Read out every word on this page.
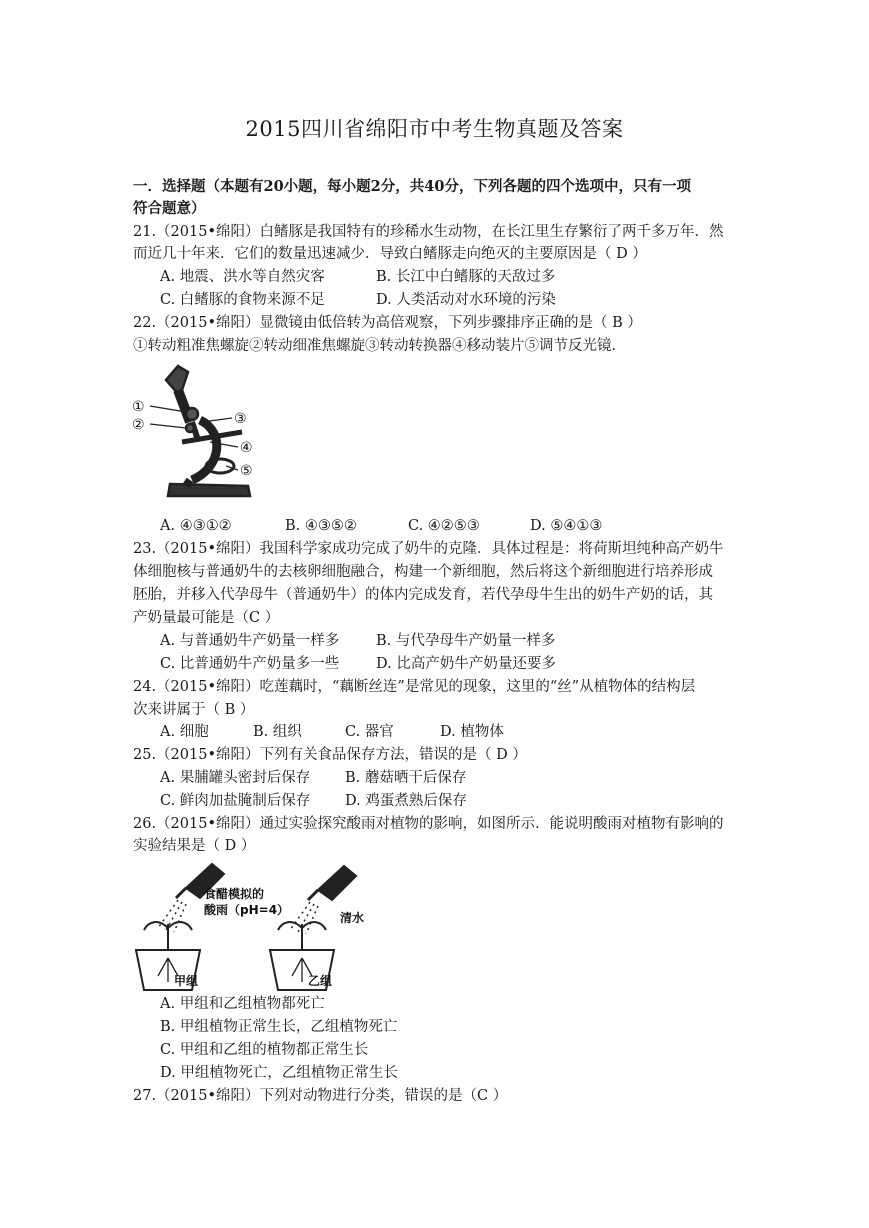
2015四川省绵阳市中考生物真题及答案
一．选择题（本题有20小题，每小题2分，共40分，下列各题的四个选项中，只有一项
符合题意）
21.（2015•绵阳）白鳍豚是我国特有的珍稀水生动物，在长江里生存繁衍了两千多万年．然
而近几十年来．它们的数量迅速减少．导致白鳍豚走向绝灭的主要原因是（ D ）
A. 地震、洪水等自然灾客	B. 长江中白鳍豚的天敌过多
C. 白鳍豚的食物来源不足	D. 人类活动对水环境的污染
22.（2015•绵阳）显微镜由低倍转为高倍观察，下列步骤排序正确的是（ B ）
①转动粗准焦螺旋②转动细准焦螺旋③转动转换器④移动装片⑤调节反光镜.
①
②	③
④
⑤
A. ④③①②	B. ④③⑤②	C. ④②⑤③	D. ⑤④①③
23.（2015•绵阳）我国科学家成功完成了奶牛的克隆．具体过程是：将荷斯坦纯种高产奶牛
体细胞核与普通奶牛的去核卵细胞融合，构建一个新细胞，然后将这个新细胞进行培养形成
胚胎，并移入代孕母牛（普通奶牛）的体内完成发育，若代孕母牛生出的奶牛产奶的话，其
产奶量最可能是（C ）
A. 与普通奶牛产奶量一样多	B. 与代孕母牛产奶量一样多
C. 比普通奶牛产奶量多一些	D. 比高产奶牛产奶量还要多
24.（2015•绵阳）吃莲藕时，“藕断丝连”是常见的现象，这里的“丝”从植物体的结构层
次来讲属于（ B ）
A. 细胞	B. 组织	C. 器官	D. 植物体
25.（2015•绵阳）下列有关食品保存方法，错误的是（ D ）
A. 果脯罐头密封后保存 B. 蘑菇晒干后保存
C. 鲜肉加盐腌制后保存 D. 鸡蛋煮熟后保存
26.（2015•绵阳）通过实验探究酸雨对植物的影响，如图所示．能说明酸雨对植物有影响的
实验结果是（ D ）
食醋模拟的
酸雨（pH=4）
清水
甲组	乙组
A. 甲组和乙组植物都死亡
B. 甲组植物正常生长，乙组植物死亡
C. 甲组和乙组的植物都正常生长
D. 甲组植物死亡，乙组植物正常生长
27.（2015•绵阳）下列对动物进行分类，错误的是（C ）
